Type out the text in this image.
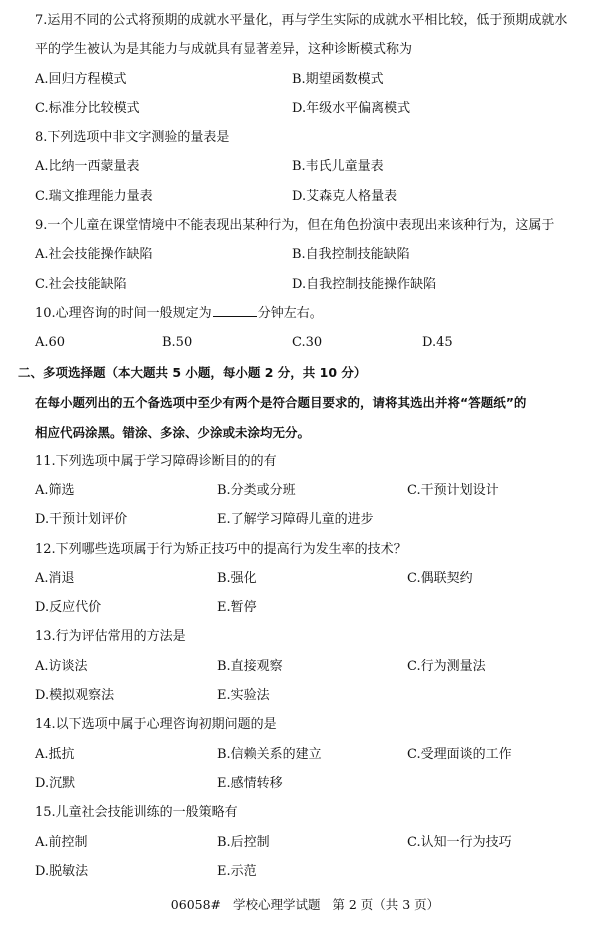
7.运用不同的公式将预期的成就水平量化，再与学生实际的成就水平相比较，低于预期成就水
平的学生被认为是其能力与成就具有显著差异，这种诊断模式称为
A.回归方程模式	B.期望函数模式
C.标准分比较模式	D.年级水平偏离模式
8.下列选项中非文字测验的量表是
A.比纳一西蒙量表	B.韦氏儿童量表
C.瑞文推理能力量表	D.艾森克人格量表
9.一个儿童在课堂情境中不能表现出某种行为，但在角色扮演中表现出来该种行为，这属于
A.社会技能操作缺陷	B.自我控制技能缺陷
C.社会技能缺陷	D.自我控制技能操作缺陷
10.心理咨询的时间一般规定为	分钟左右。
A.60	B.50	C.30	D.45
二、多项选择题（本大题共 5 小题，每小题 2 分，共 10 分）
在每小题列出的五个备选项中至少有两个是符合题目要求的，请将其选出并将“答题纸”的
相应代码涂黑。错涂、多涂、少涂或未涂均无分。
11.下列选项中属于学习障碍诊断目的的有
A.筛选	B.分类或分班	C.干预计划设计
D.干预计划评价	E.了解学习障碍儿童的进步
12.下列哪些选项属于行为矫正技巧中的提高行为发生率的技术？
A.消退	B.强化	C.偶联契约
D.反应代价	E.暂停
13.行为评估常用的方法是
A.访谈法	B.直接观察	C.行为测量法
D.模拟观察法	E.实验法
14.以下选项中属于心理咨询初期问题的是
A.抵抗	B.信赖关系的建立	C.受理面谈的工作
D.沉默	E.感情转移
15.儿童社会技能训练的一般策略有
A.前控制	B.后控制	C.认知一行为技巧
D.脱敏法	E.示范
06058#   学校心理学试题   第 2 页（共 3 页）
